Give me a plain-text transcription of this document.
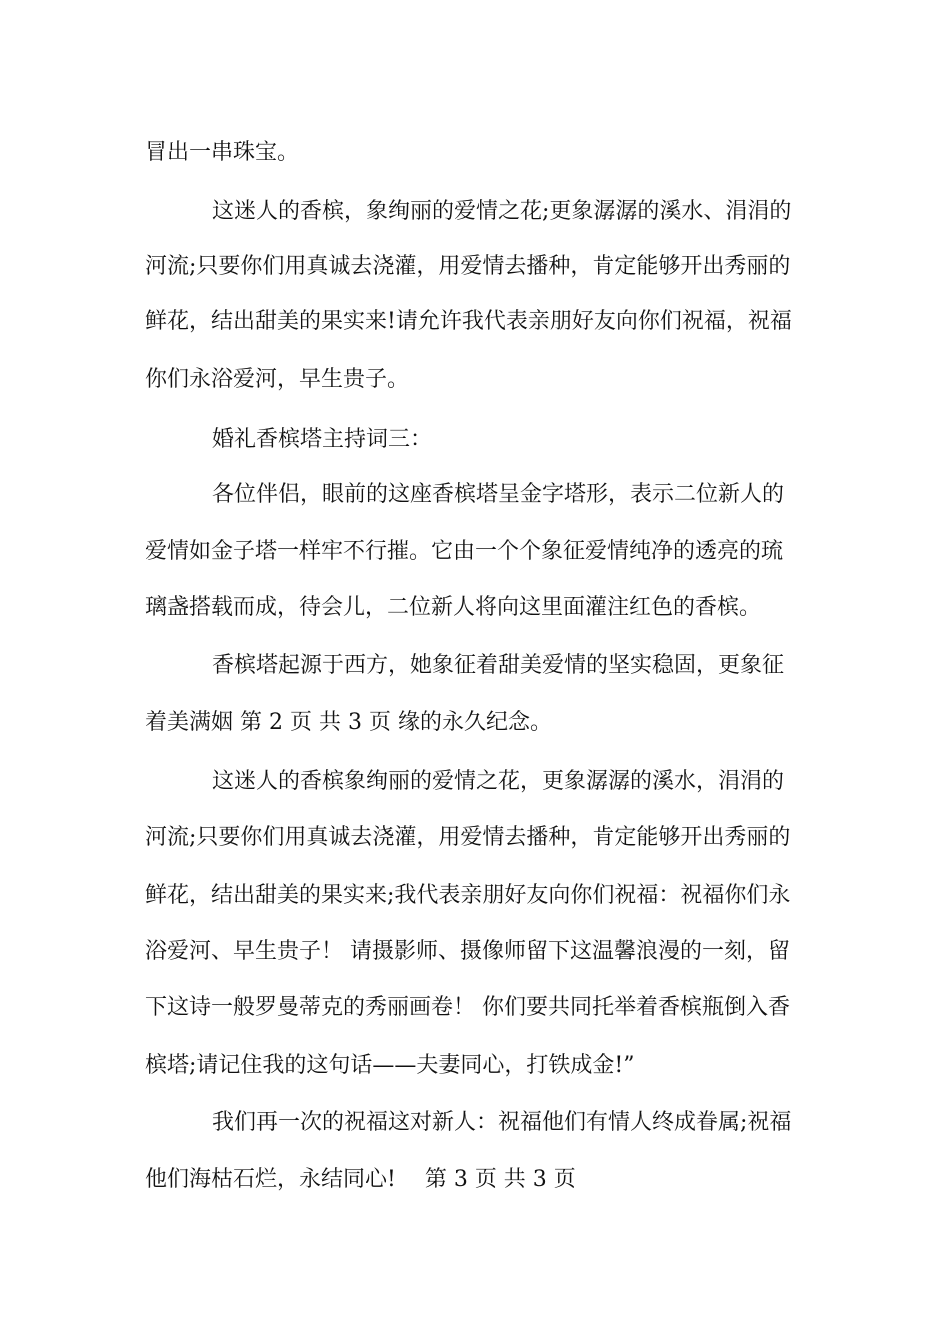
冒出一串珠宝。
这迷人的香槟，象绚丽的爱情之花;更象潺潺的溪水、涓涓的
河流;只要你们用真诚去浇灌，用爱情去播种，肯定能够开出秀丽的
鲜花，结出甜美的果实来!请允许我代表亲朋好友向你们祝福，祝福
你们永浴爱河，早生贵子。
婚礼香槟塔主持词三：
各位伴侣，眼前的这座香槟塔呈金字塔形，表示二位新人的
爱情如金子塔一样牢不行摧。它由一个个象征爱情纯净的透亮的琉
璃盏搭载而成，待会儿，二位新人将向这里面灌注红色的香槟。
香槟塔起源于西方，她象征着甜美爱情的坚实稳固，更象征
着美满姻 第 2 页 共 3 页 缘的永久纪念。
这迷人的香槟象绚丽的爱情之花，更象潺潺的溪水，涓涓的
河流;只要你们用真诚去浇灌，用爱情去播种，肯定能够开出秀丽的
鲜花，结出甜美的果实来;我代表亲朋好友向你们祝福：祝福你们永
浴爱河、早生贵子！ 请摄影师、摄像师留下这温馨浪漫的一刻，留
下这诗一般罗曼蒂克的秀丽画卷！ 你们要共同托举着香槟瓶倒入香
槟塔;请记住我的这句话——夫妻同心，打铁成金!”
我们再一次的祝福这对新人：祝福他们有情人终成眷属;祝福
他们海枯石烂，永结同心!　 第 3 页 共 3 页
